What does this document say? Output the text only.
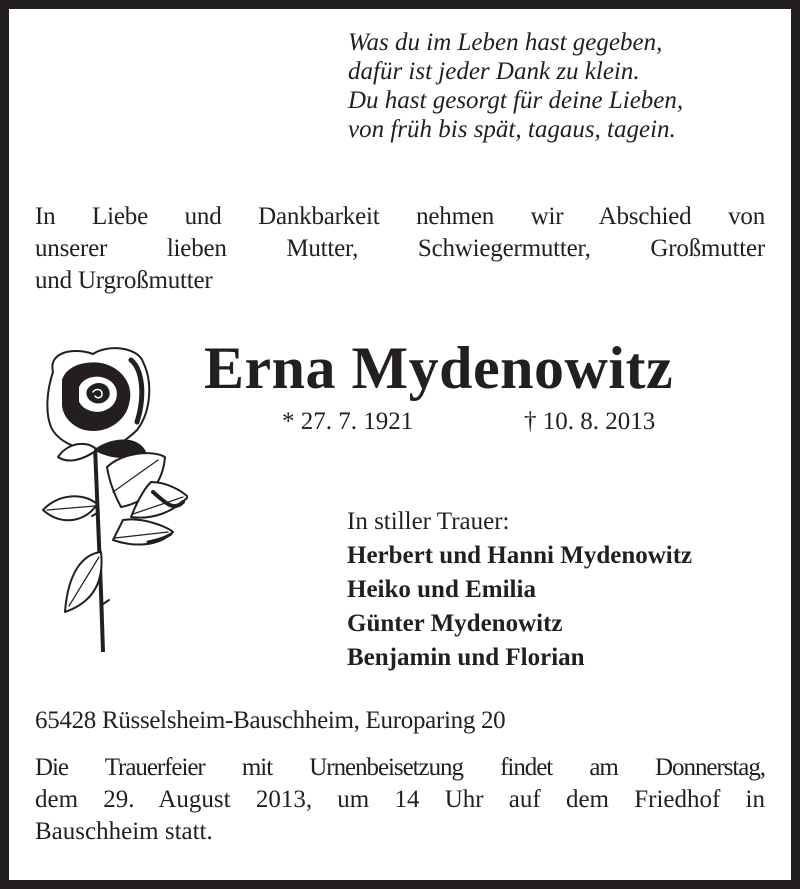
Was du im Leben hast gegeben,
dafür ist jeder Dank zu klein.
Du hast gesorgt für deine Lieben,
von früh bis spät, tagaus, tagein.
In Liebe und Dankbarkeit nehmen wir Abschied von
unserer lieben Mutter, Schwiegermutter, Großmutter
und Urgroßmutter
Erna Mydenowitz
* 27. 7. 1921	† 10. 8. 2013
In stiller Trauer:
Herbert und Hanni Mydenowitz
Heiko und Emilia
Günter Mydenowitz
Benjamin und Florian
65428 Rüsselsheim-Bauschheim, Europaring 20
Die Trauerfeier mit Urnenbeisetzung findet am Donnerstag,
dem 29. August 2013, um 14 Uhr auf dem Friedhof in
Bauschheim statt.
